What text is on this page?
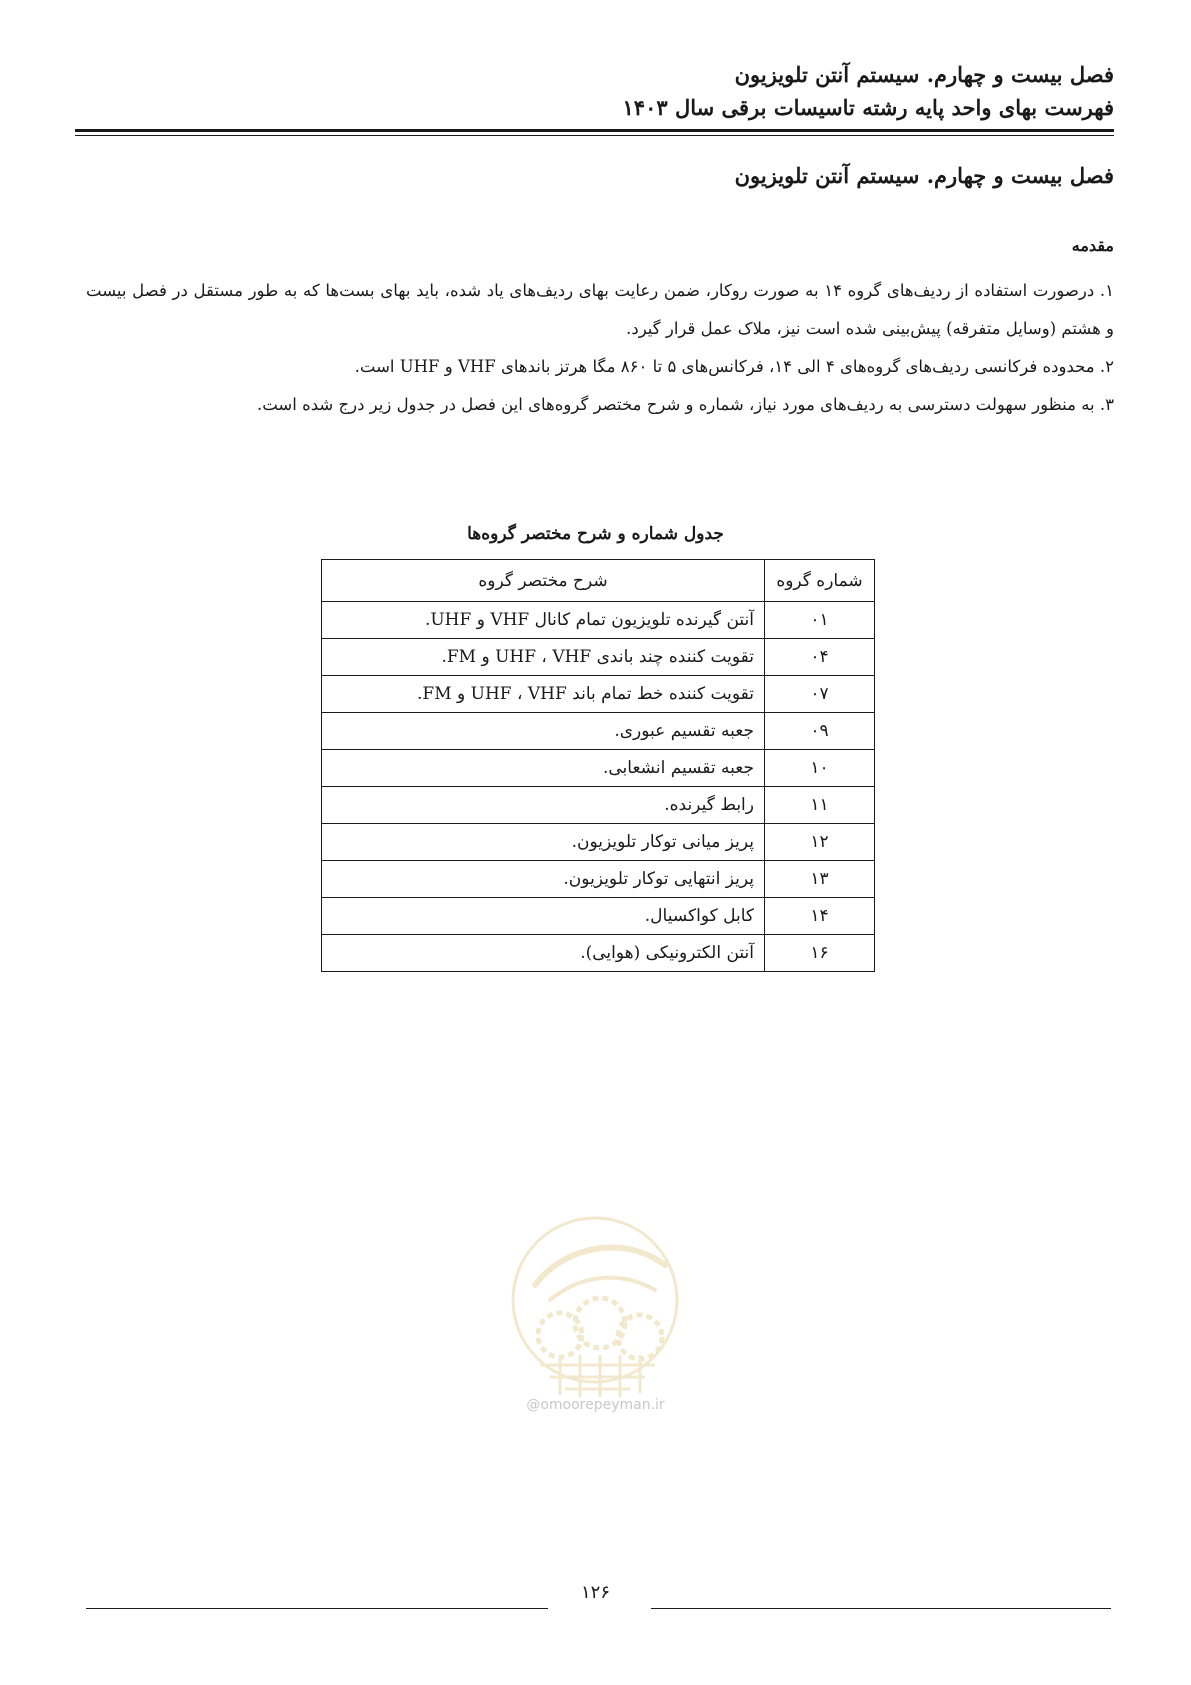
فصل بیست و چهارم. سیستم آنتن تلویزیون
فهرست بهای واحد پایه رشته تاسیسات برقی سال ۱۴۰۳
فصل بیست و چهارم. سیستم آنتن تلویزیون
مقدمه

۱. درصورت استفاده از ردیف‌های گروه ۱۴ به صورت روکار، ضمن رعایت بهای ردیف‌های یاد شده، باید بهای بست‌ها که به طور مستقل در فصل بیست و هشتم (وسایل متفرقه) پیش‌بینی شده است نیز، ملاک عمل قرار گیرد.

۲. محدوده فرکانسی ردیف‌های گروه‌های ۴ الی ۱۴، فرکانس‌های ۵ تا ۸۶۰ مگا هرتز باندهای VHF و UHF است.

۳. به منظور سهولت دسترسی به ردیف‌های مورد نیاز، شماره و شرح مختصر گروه‌های این فصل در جدول زیر درج شده است.

جدول شماره و شرح مختصر گروه‌ها
شماره گروه	شرح مختصر گروه
۰۱	آنتن گیرنده تلویزیون تمام کانال VHF و UHF.
۰۴	تقویت کننده چند باندی UHF ، VHF و FM.
۰۷	تقویت کننده خط تمام باند UHF ، VHF و FM.
۰۹	جعبه تقسیم عبوری.
۱۰	جعبه تقسیم انشعابی.
۱۱	رابط گیرنده.
۱۲	پریز میانی توکار تلویزیون.
۱۳	پریز انتهایی توکار تلویزیون.
۱۴	کابل کواکسیال.
۱۶	آنتن الکترونیکی (هوایی).
@omoorepeyman.ir
۱۲۶
